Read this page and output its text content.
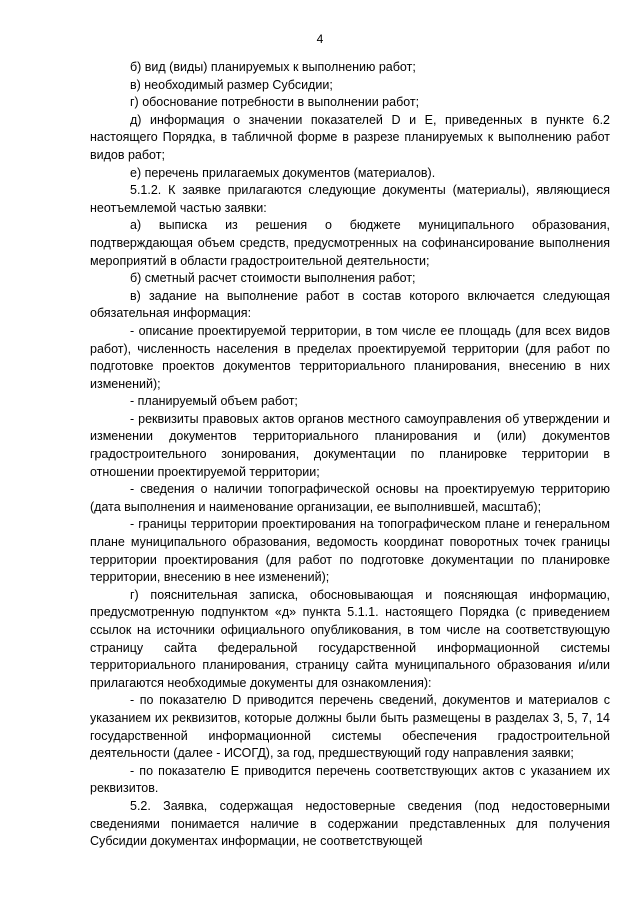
4

б) вид (виды) планируемых к выполнению работ;

в) необходимый размер Субсидии;

г) обоснование потребности в выполнении работ;

д) информация о значении показателей D и E, приведенных в пункте 6.2 настоящего Порядка, в табличной форме в разрезе планируемых к выполнению работ видов работ;

е) перечень прилагаемых документов (материалов).

5.1.2. К заявке прилагаются следующие документы (материалы), являющиеся неотъемлемой частью заявки:

а) выписка из решения о бюджете муниципального образования, подтверждающая объем средств, предусмотренных на софинансирование выполнения мероприятий в области градостроительной деятельности;

б) сметный расчет стоимости выполнения работ;

в) задание на выполнение работ в состав которого включается следующая обязательная информация:

- описание проектируемой территории, в том числе ее площадь (для всех видов работ), численность населения в пределах проектируемой территории (для работ по подготовке проектов документов территориального планирования, внесению в них изменений);

- планируемый объем работ;

- реквизиты правовых актов органов местного самоуправления об утверждении и изменении документов территориального планирования и (или) документов градостроительного зонирования, документации по планировке территории в отношении проектируемой территории;

- сведения о наличии топографической основы на проектируемую территорию (дата выполнения и наименование организации, ее выполнившей, масштаб);

- границы территории проектирования на топографическом плане и генеральном плане муниципального образования, ведомость координат поворотных точек границы территории проектирования (для работ по подготовке документации по планировке территории, внесению в нее изменений);

г) пояснительная записка, обосновывающая и поясняющая информацию, предусмотренную подпунктом «д» пункта 5.1.1. настоящего Порядка (с приведением ссылок на источники официального опубликования, в том числе на соответствующую страницу сайта федеральной государственной информационной системы территориального планирования, страницу сайта муниципального образования и/или прилагаются необходимые документы для ознакомления):

- по показателю D приводится перечень сведений, документов и материалов с указанием их реквизитов, которые должны были быть размещены в разделах 3, 5, 7, 14 государственной информационной системы обеспечения градостроительной деятельности (далее - ИСОГД), за год, предшествующий году направления заявки;

- по показателю E приводится перечень соответствующих актов с указанием их реквизитов.

5.2. Заявка, содержащая недостоверные сведения (под недостоверными сведениями понимается наличие в содержании представленных для получения Субсидии документах информации, не соответствующей
